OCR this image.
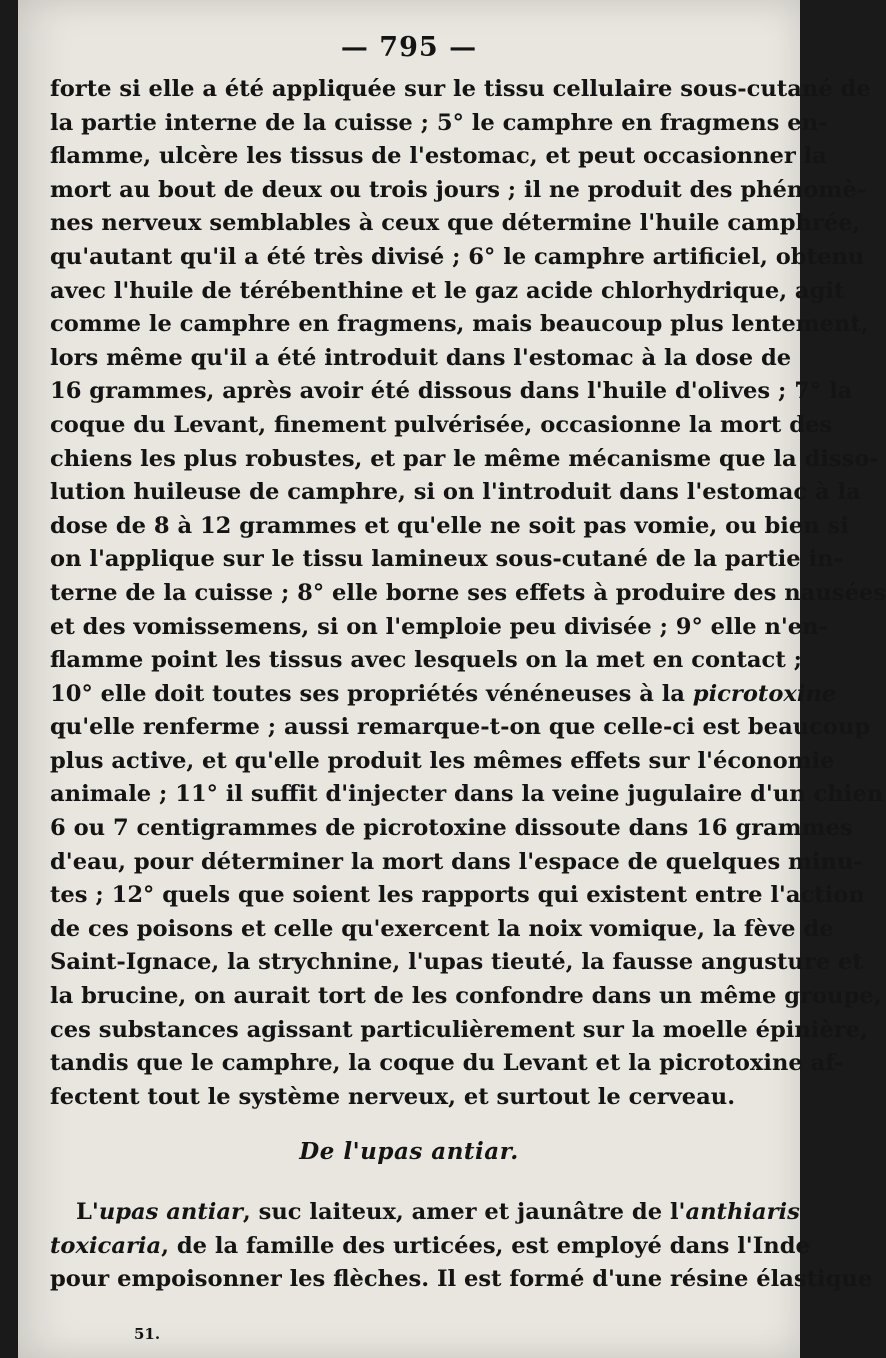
— 795 —
forte si elle a été appliquée sur le tissu cellulaire sous-cutané de
la partie interne de la cuisse ; 5° le camphre en fragmens en-
flamme, ulcère les tissus de l'estomac, et peut occasionner la
mort au bout de deux ou trois jours ; il ne produit des phénomè-
nes nerveux semblables à ceux que détermine l'huile camphrée,
qu'autant qu'il a été très divisé ; 6° le camphre artificiel, obtenu
avec l'huile de térébenthine et le gaz acide chlorhydrique, agit
comme le camphre en fragmens, mais beaucoup plus lentement,
lors même qu'il a été introduit dans l'estomac à la dose de
16 grammes, après avoir été dissous dans l'huile d'olives ; 7° la
coque du Levant, finement pulvérisée, occasionne la mort des
chiens les plus robustes, et par le même mécanisme que la disso-
lution huileuse de camphre, si on l'introduit dans l'estomac à la
dose de 8 à 12 grammes et qu'elle ne soit pas vomie, ou bien si
on l'applique sur le tissu lamineux sous-cutané de la partie in-
terne de la cuisse ; 8° elle borne ses effets à produire des nausées
et des vomissemens, si on l'emploie peu divisée ; 9° elle n'en-
flamme point les tissus avec lesquels on la met en contact ;
10° elle doit toutes ses propriétés vénéneuses à la picrotoxine
qu'elle renferme ; aussi remarque-t-on que celle-ci est beaucoup
plus active, et qu'elle produit les mêmes effets sur l'économie
animale ; 11° il suffit d'injecter dans la veine jugulaire d'un chien
6 ou 7 centigrammes de picrotoxine dissoute dans 16 grammes
d'eau, pour déterminer la mort dans l'espace de quelques minu-
tes ; 12° quels que soient les rapports qui existent entre l'action
de ces poisons et celle qu'exercent la noix vomique, la fève de
Saint-Ignace, la strychnine, l'upas tieuté, la fausse angusture et
la brucine, on aurait tort de les confondre dans un même groupe,
ces substances agissant particulièrement sur la moelle épinière,
tandis que le camphre, la coque du Levant et la picrotoxine af-
fectent tout le système nerveux, et surtout le cerveau.
De l'upas antiar.
L'upas antiar, suc laiteux, amer et jaunâtre de l'anthiaris
toxicaria, de la famille des urticées, est employé dans l'Inde
pour empoisonner les flèches. Il est formé d'une résine élastique
51.
